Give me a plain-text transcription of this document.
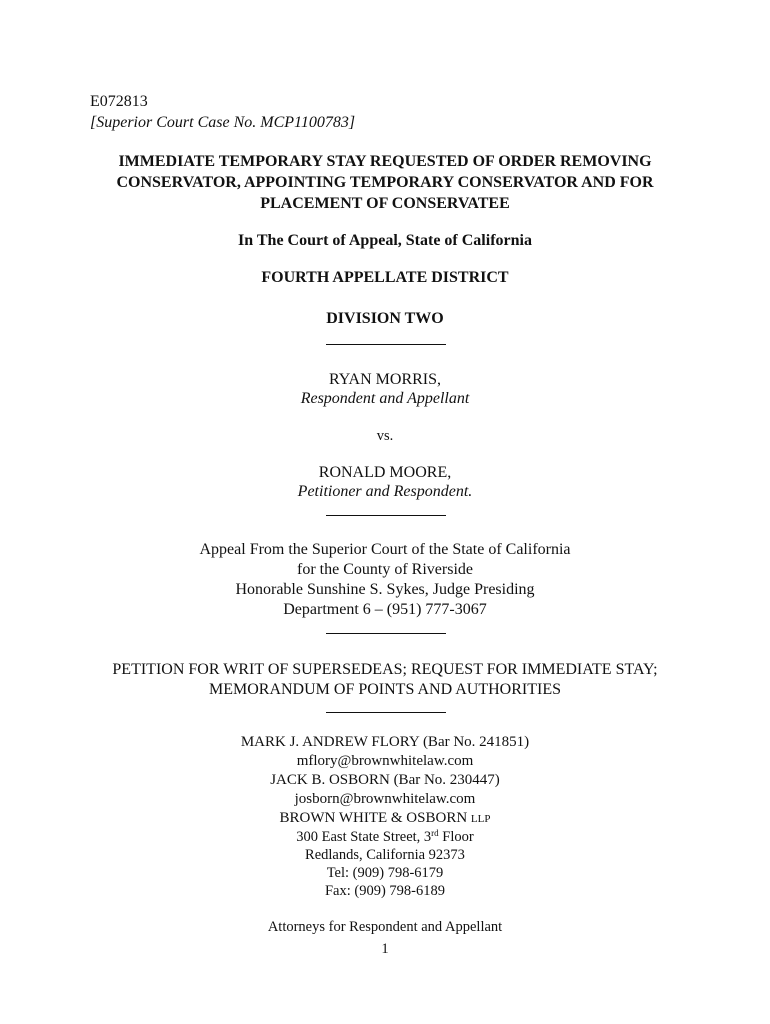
E072813
[Superior Court Case No. MCP1100783]
IMMEDIATE TEMPORARY STAY REQUESTED OF ORDER REMOVING
CONSERVATOR, APPOINTING TEMPORARY CONSERVATOR AND FOR
PLACEMENT OF CONSERVATEE
In The Court of Appeal, State of California
FOURTH APPELLATE DISTRICT
DIVISION TWO
RYAN MORRIS,
Respondent and Appellant
vs.
RONALD MOORE,
Petitioner and Respondent.
Appeal From the Superior Court of the State of California
for the County of Riverside
Honorable Sunshine S. Sykes, Judge Presiding
Department 6 – (951) 777-3067
PETITION FOR WRIT OF SUPERSEDEAS; REQUEST FOR IMMEDIATE STAY;
MEMORANDUM OF POINTS AND AUTHORITIES
MARK J. ANDREW FLORY (Bar No. 241851)
mflory@brownwhitelaw.com
JACK B. OSBORN (Bar No. 230447)
josborn@brownwhitelaw.com
BROWN WHITE & OSBORN LLP
300 East State Street, 3rd Floor
Redlands, California 92373
Tel: (909) 798-6179
Fax: (909) 798-6189
Attorneys for Respondent and Appellant
1
